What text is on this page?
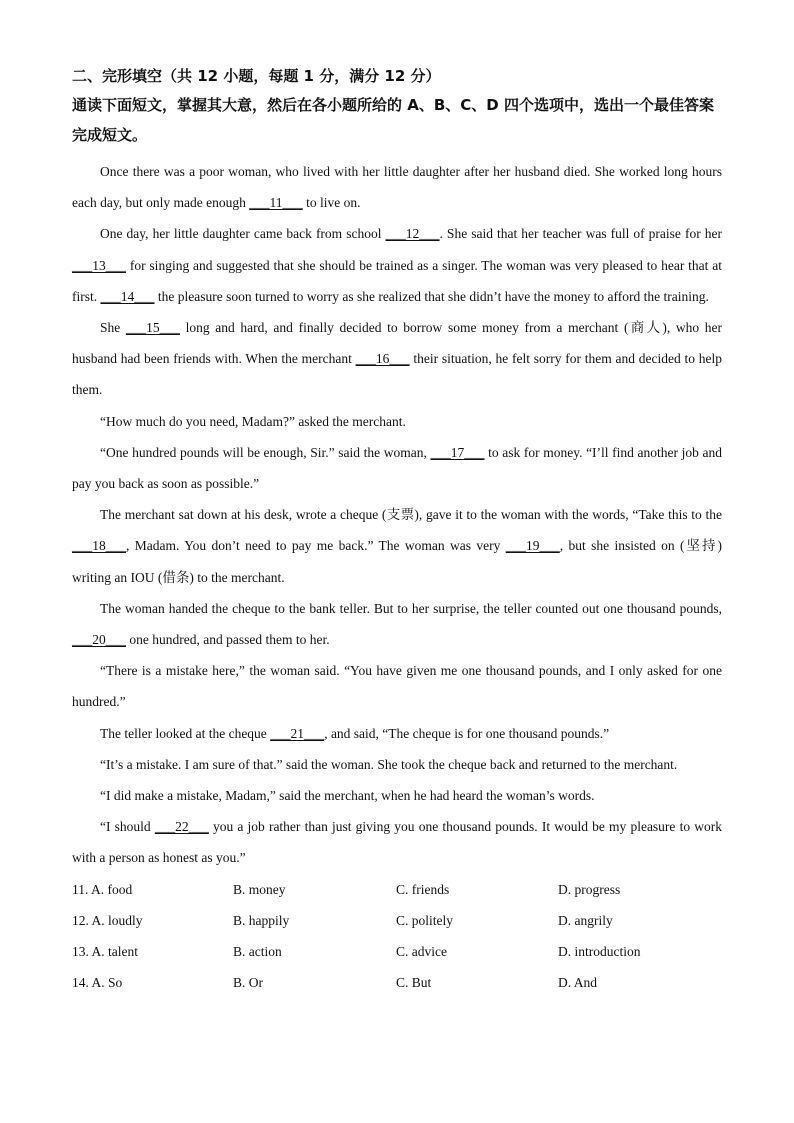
二、完形填空（共 12 小题，每题 1 分，满分 12 分）

通读下面短文，掌握其大意，然后在各小题所给的 A、B、C、D 四个选项中，选出一个最佳答案完成短文。

Once there was a poor woman, who lived with her little daughter after her husband died. She worked long hours each day, but only made enough ___11___ to live on.

One day, her little daughter came back from school ___12___. She said that her teacher was full of praise for her ___13___ for singing and suggested that she should be trained as a singer. The woman was very pleased to hear that at first. ___14___ the pleasure soon turned to worry as she realized that she didn’t have the money to afford the training.

She ___15___ long and hard, and finally decided to borrow some money from a merchant (商人), who her husband had been friends with. When the merchant ___16___ their situation, he felt sorry for them and decided to help them.

“How much do you need, Madam?” asked the merchant.

“One hundred pounds will be enough, Sir.” said the woman, ___17___ to ask for money. “I’ll find another job and pay you back as soon as possible.”

The merchant sat down at his desk, wrote a cheque (支票), gave it to the woman with the words, “Take this to the ___18___, Madam. You don’t need to pay me back.” The woman was very ___19___, but she insisted on (坚持) writing an IOU (借条) to the merchant.

The woman handed the cheque to the bank teller. But to her surprise, the teller counted out one thousand pounds, ___20___ one hundred, and passed them to her.

“There is a mistake here,” the woman said. “You have given me one thousand pounds, and I only asked for one hundred.”

The teller looked at the cheque ___21___, and said, “The cheque is for one thousand pounds.”

“It’s a mistake. I am sure of that.” said the woman. She took the cheque back and returned to the merchant.

“I did make a mistake, Madam,” said the merchant, when he had heard the woman’s words.

“I should ___22___ you a job rather than just giving you one thousand pounds. It would be my pleasure to work with a person as honest as you.”

11. A. food	B. money	C. friends	D. progress
12. A. loudly	B. happily	C. politely	D. angrily
13. A. talent	B. action	C. advice	D. introduction
14. A. So	B. Or	C. But	D. And
